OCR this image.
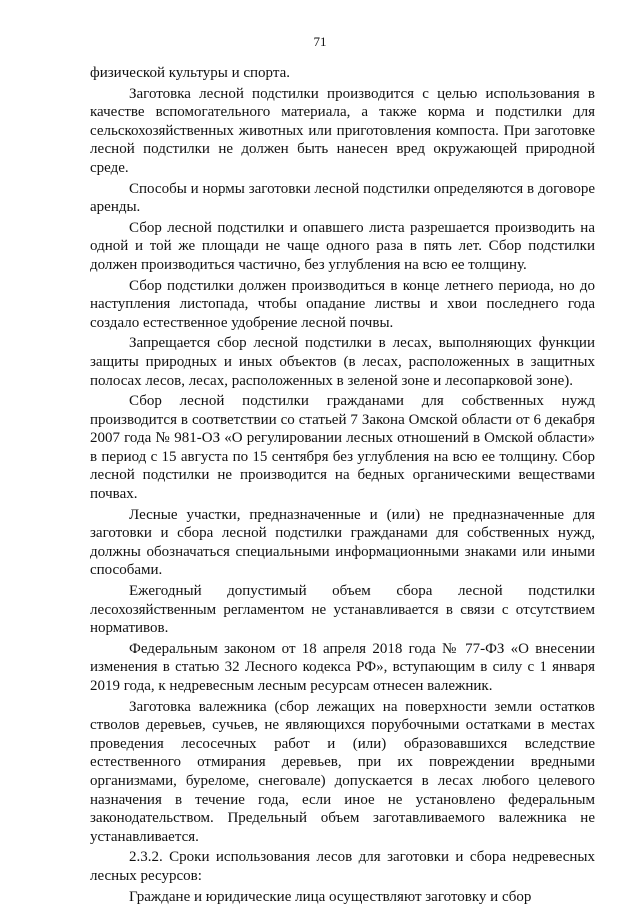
71

физической культуры и спорта.

Заготовка лесной подстилки производится с целью использования в качестве вспомогательного материала, а также корма и подстилки для сельскохозяйственных животных или приготовления компоста. При заготовке лесной подстилки не должен быть нанесен вред окружающей природной среде.

Способы и нормы заготовки лесной подстилки определяются в договоре аренды.

Сбор лесной подстилки и опавшего листа разрешается производить на одной и той же площади не чаще одного раза в пять лет. Сбор подстилки должен производиться частично, без углубления на всю ее толщину.

Сбор подстилки должен производиться в конце летнего периода, но до наступления листопада, чтобы опадание листвы и хвои последнего года создало естественное удобрение лесной почвы.

Запрещается сбор лесной подстилки в лесах, выполняющих функции защиты природных и иных объектов (в лесах, расположенных в защитных полосах лесов, лесах, расположенных в зеленой зоне и лесопарковой зоне).

Сбор лесной подстилки гражданами для собственных нужд производится в соответствии со статьей 7 Закона Омской области от 6 декабря 2007 года № 981-ОЗ «О регулировании лесных отношений в Омской области» в период с 15 августа по 15 сентября без углубления на всю ее толщину. Сбор лесной подстилки не производится на бедных органическими веществами почвах.

Лесные участки, предназначенные и (или) не предназначенные для заготовки и сбора лесной подстилки гражданами для собственных нужд, должны обозначаться специальными информационными знаками или иными способами.

Ежегодный допустимый объем сбора лесной подстилки лесохозяйственным регламентом не устанавливается в связи с отсутствием нормативов.

Федеральным законом от 18 апреля 2018 года № 77-ФЗ «О внесении изменения в статью 32 Лесного кодекса РФ», вступающим в силу с 1 января 2019 года, к недревесным лесным ресурсам отнесен валежник.

Заготовка валежника (сбор лежащих на поверхности земли остатков стволов деревьев, сучьев, не являющихся порубочными остатками в местах проведения лесосечных работ и (или) образовавшихся вследствие естественного отмирания деревьев, при их повреждении вредными организмами, буреломе, снеговале) допускается в лесах любого целевого назначения в течение года, если иное не установлено федеральным законодательством. Предельный объем заготавливаемого валежника не устанавливается.

2.3.2. Сроки использования лесов для заготовки и сбора недревесных лесных ресурсов:

Граждане и юридические лица осуществляют заготовку и сбор
